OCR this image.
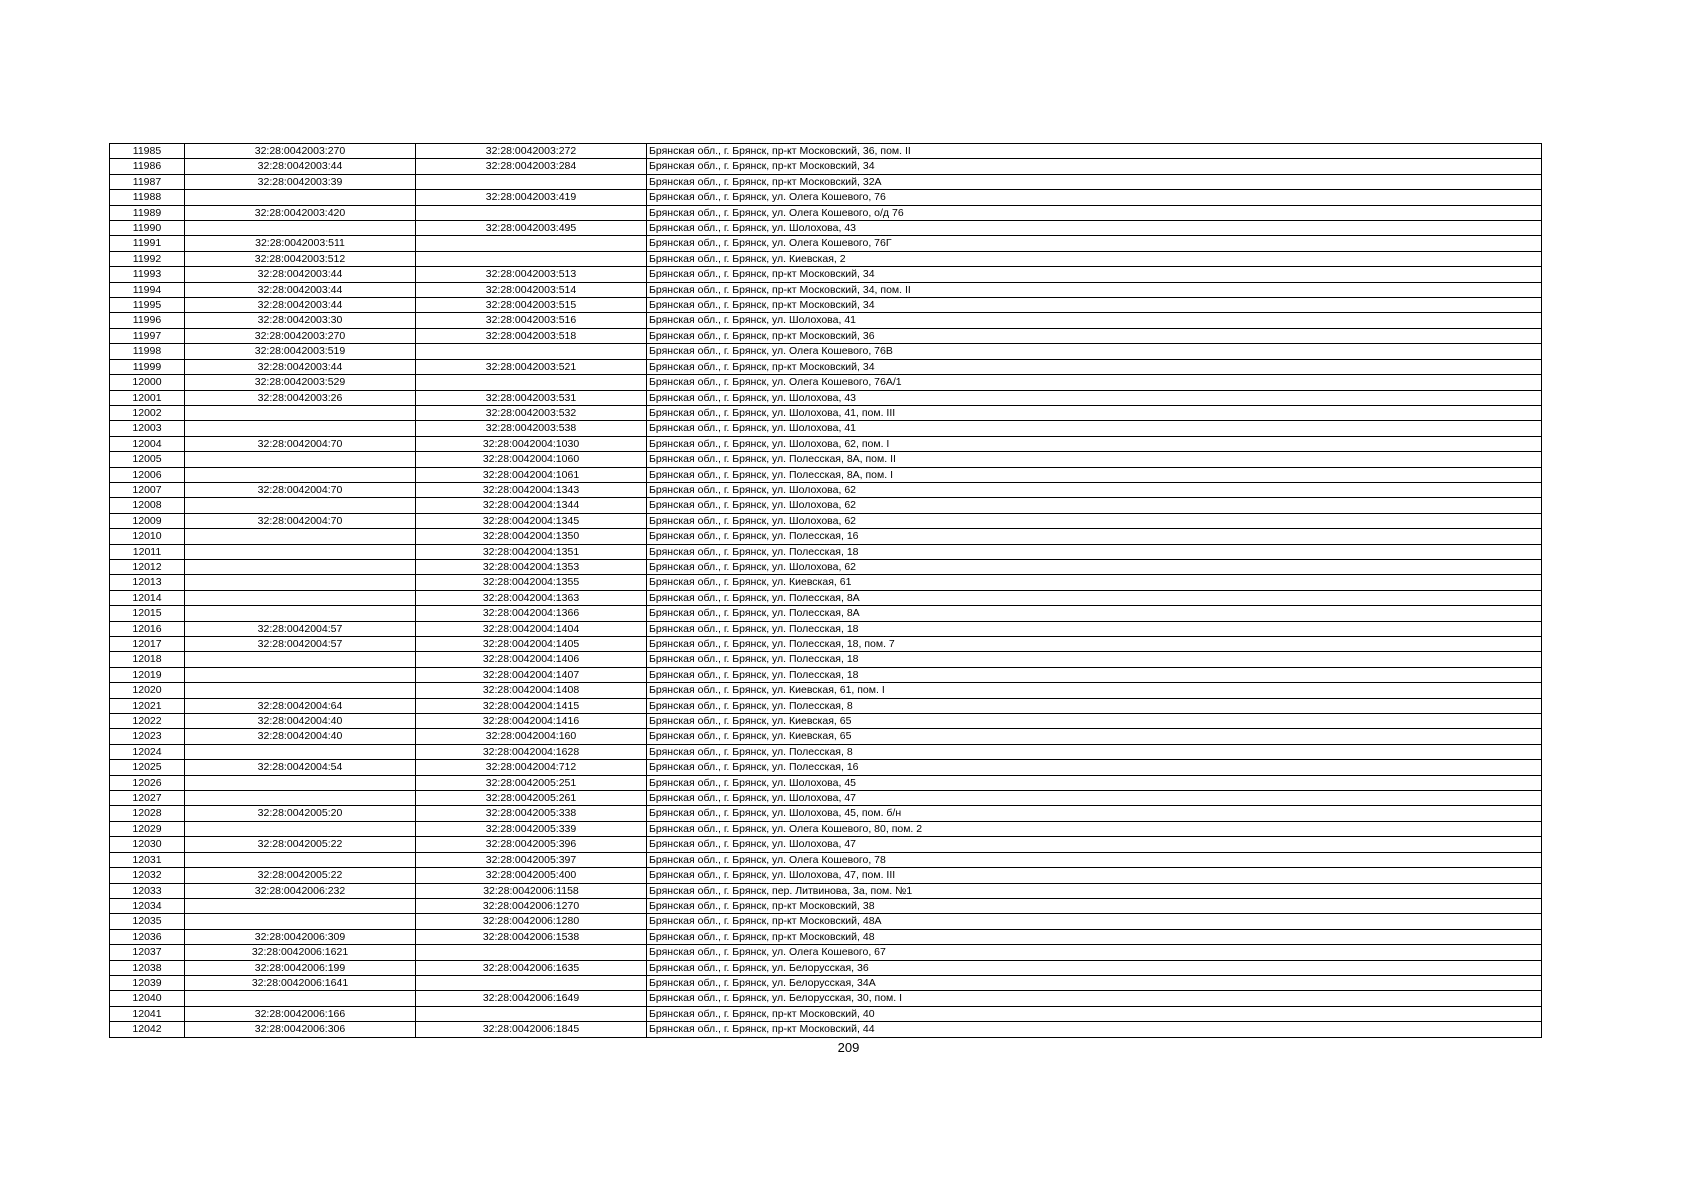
11985	32:28:0042003:270	32:28:0042003:272	Брянская обл., г. Брянск, пр-кт Московский, 36, пом. II
11986	32:28:0042003:44	32:28:0042003:284	Брянская обл., г. Брянск, пр-кт Московский, 34
11987	32:28:0042003:39		Брянская обл., г. Брянск, пр-кт Московский, 32А
11988		32:28:0042003:419	Брянская обл., г. Брянск, ул. Олега Кошевого, 76
11989	32:28:0042003:420		Брянская обл., г. Брянск, ул. Олега Кошевого, о/д 76
11990		32:28:0042003:495	Брянская обл., г. Брянск, ул. Шолохова, 43
11991	32:28:0042003:511		Брянская обл., г. Брянск, ул. Олега Кошевого, 76Г
11992	32:28:0042003:512		Брянская обл., г. Брянск, ул. Киевская, 2
11993	32:28:0042003:44	32:28:0042003:513	Брянская обл., г. Брянск, пр-кт Московский, 34
11994	32:28:0042003:44	32:28:0042003:514	Брянская обл., г. Брянск, пр-кт Московский, 34, пом. II
11995	32:28:0042003:44	32:28:0042003:515	Брянская обл., г. Брянск, пр-кт Московский, 34
11996	32:28:0042003:30	32:28:0042003:516	Брянская обл., г. Брянск, ул. Шолохова, 41
11997	32:28:0042003:270	32:28:0042003:518	Брянская обл., г. Брянск, пр-кт Московский, 36
11998	32:28:0042003:519		Брянская обл., г. Брянск, ул. Олега Кошевого, 76В
11999	32:28:0042003:44	32:28:0042003:521	Брянская обл., г. Брянск, пр-кт Московский, 34
12000	32:28:0042003:529		Брянская обл., г. Брянск, ул. Олега Кошевого, 76А/1
12001	32:28:0042003:26	32:28:0042003:531	Брянская обл., г. Брянск, ул. Шолохова, 43
12002		32:28:0042003:532	Брянская обл., г. Брянск, ул. Шолохова, 41, пом. III
12003		32:28:0042003:538	Брянская обл., г. Брянск, ул. Шолохова, 41
12004	32:28:0042004:70	32:28:0042004:1030	Брянская обл., г. Брянск, ул. Шолохова, 62, пом. I
12005		32:28:0042004:1060	Брянская обл., г. Брянск, ул. Полесская, 8А, пом. II
12006		32:28:0042004:1061	Брянская обл., г. Брянск, ул. Полесская, 8А, пом. I
12007	32:28:0042004:70	32:28:0042004:1343	Брянская обл., г. Брянск, ул. Шолохова, 62
12008		32:28:0042004:1344	Брянская обл., г. Брянск, ул. Шолохова, 62
12009	32:28:0042004:70	32:28:0042004:1345	Брянская обл., г. Брянск, ул. Шолохова, 62
12010		32:28:0042004:1350	Брянская обл., г. Брянск, ул. Полесская, 16
12011		32:28:0042004:1351	Брянская обл., г. Брянск, ул. Полесская, 18
12012		32:28:0042004:1353	Брянская обл., г. Брянск, ул. Шолохова, 62
12013		32:28:0042004:1355	Брянская обл., г. Брянск, ул. Киевская, 61
12014		32:28:0042004:1363	Брянская обл., г. Брянск, ул. Полесская, 8А
12015		32:28:0042004:1366	Брянская обл., г. Брянск, ул. Полесская, 8А
12016	32:28:0042004:57	32:28:0042004:1404	Брянская обл., г. Брянск, ул. Полесская, 18
12017	32:28:0042004:57	32:28:0042004:1405	Брянская обл., г. Брянск, ул. Полесская, 18, пом. 7
12018		32:28:0042004:1406	Брянская обл., г. Брянск, ул. Полесская, 18
12019		32:28:0042004:1407	Брянская обл., г. Брянск, ул. Полесская, 18
12020		32:28:0042004:1408	Брянская обл., г. Брянск, ул. Киевская, 61, пом. I
12021	32:28:0042004:64	32:28:0042004:1415	Брянская обл., г. Брянск, ул. Полесская, 8
12022	32:28:0042004:40	32:28:0042004:1416	Брянская обл., г. Брянск, ул. Киевская, 65
12023	32:28:0042004:40	32:28:0042004:160	Брянская обл., г. Брянск, ул. Киевская, 65
12024		32:28:0042004:1628	Брянская обл., г. Брянск, ул. Полесская, 8
12025	32:28:0042004:54	32:28:0042004:712	Брянская обл., г. Брянск, ул. Полесская, 16
12026		32:28:0042005:251	Брянская обл., г. Брянск, ул. Шолохова, 45
12027		32:28:0042005:261	Брянская обл., г. Брянск, ул. Шолохова, 47
12028	32:28:0042005:20	32:28:0042005:338	Брянская обл., г. Брянск, ул. Шолохова, 45, пом. б/н
12029		32:28:0042005:339	Брянская обл., г. Брянск, ул. Олега Кошевого, 80, пом. 2
12030	32:28:0042005:22	32:28:0042005:396	Брянская обл., г. Брянск, ул. Шолохова, 47
12031		32:28:0042005:397	Брянская обл., г. Брянск, ул. Олега Кошевого, 78
12032	32:28:0042005:22	32:28:0042005:400	Брянская обл., г. Брянск, ул. Шолохова, 47, пом. III
12033	32:28:0042006:232	32:28:0042006:1158	Брянская обл., г. Брянск, пер. Литвинова, 3а, пом. №1
12034		32:28:0042006:1270	Брянская обл., г. Брянск, пр-кт Московский, 38
12035		32:28:0042006:1280	Брянская обл., г. Брянск, пр-кт Московский, 48А
12036	32:28:0042006:309	32:28:0042006:1538	Брянская обл., г. Брянск, пр-кт Московский, 48
12037	32:28:0042006:1621		Брянская обл., г. Брянск, ул. Олега Кошевого, 67
12038	32:28:0042006:199	32:28:0042006:1635	Брянская обл., г. Брянск, ул. Белорусская, 36
12039	32:28:0042006:1641		Брянская обл., г. Брянск, ул. Белорусская, 34А
12040		32:28:0042006:1649	Брянская обл., г. Брянск, ул. Белорусская, 30, пом. I
12041	32:28:0042006:166		Брянская обл., г. Брянск, пр-кт Московский, 40
12042	32:28:0042006:306	32:28:0042006:1845	Брянская обл., г. Брянск, пр-кт Московский, 44
209
